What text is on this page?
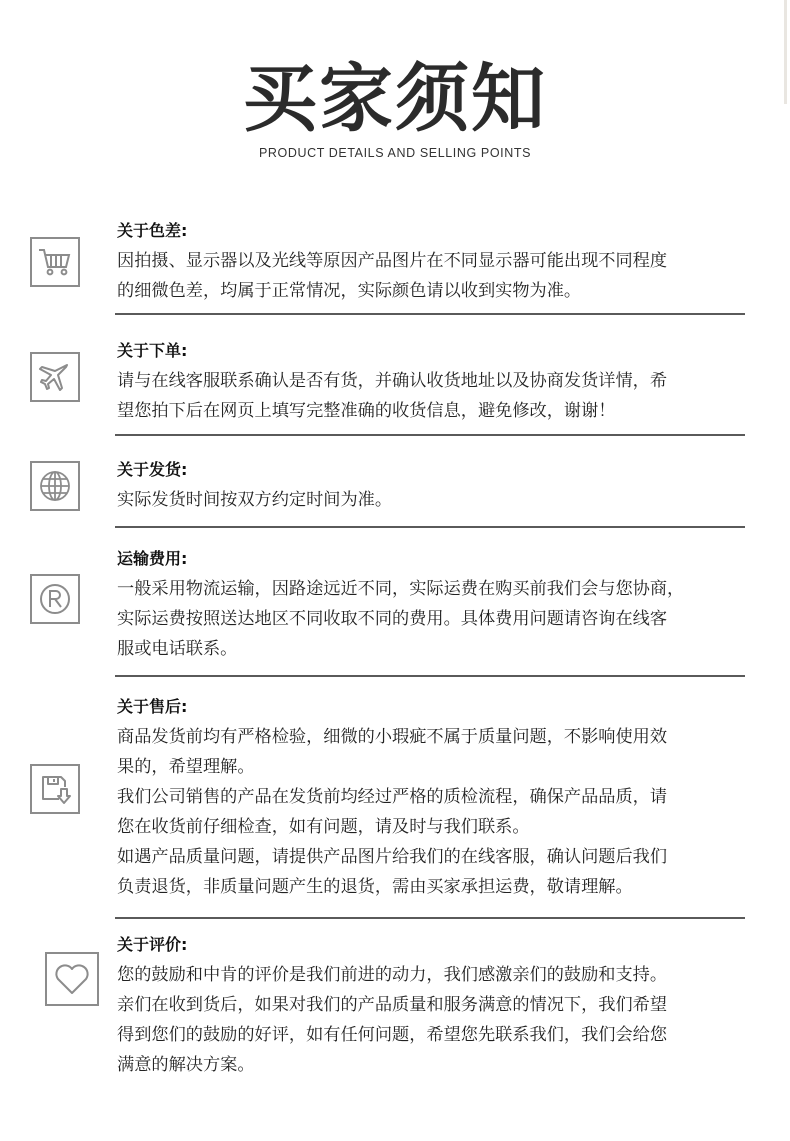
买家须知
PRODUCT DETAILS AND SELLING POINTS
关于色差:

因拍摄、显示器以及光线等原因产品图片在不同显示器可能出现不同程度
的细微色差，均属于正常情况，实际颜色请以收到实物为准。

关于下单:

请与在线客服联系确认是否有货，并确认收货地址以及协商发货详情，希
望您拍下后在网页上填写完整准确的收货信息，避免修改，谢谢！

关于发货:

实际发货时间按双方约定时间为准。

运输费用:

一般采用物流运输，因路途远近不同，实际运费在购买前我们会与您协商，
实际运费按照送达地区不同收取不同的费用。具体费用问题请咨询在线客
服或电话联系。

关于售后:

商品发货前均有严格检验，细微的小瑕疵不属于质量问题，不影响使用效
果的，希望理解。

我们公司销售的产品在发货前均经过严格的质检流程，确保产品品质，请
您在收货前仔细检查，如有问题，请及时与我们联系。

如遇产品质量问题，请提供产品图片给我们的在线客服，确认问题后我们
负责退货，非质量问题产生的退货，需由买家承担运费，敬请理解。

关于评价:

您的鼓励和中肯的评价是我们前进的动力，我们感激亲们的鼓励和支持。

亲们在收到货后，如果对我们的产品质量和服务满意的情况下，我们希望
得到您们的鼓励的好评，如有任何问题，希望您先联系我们，我们会给您
满意的解决方案。
